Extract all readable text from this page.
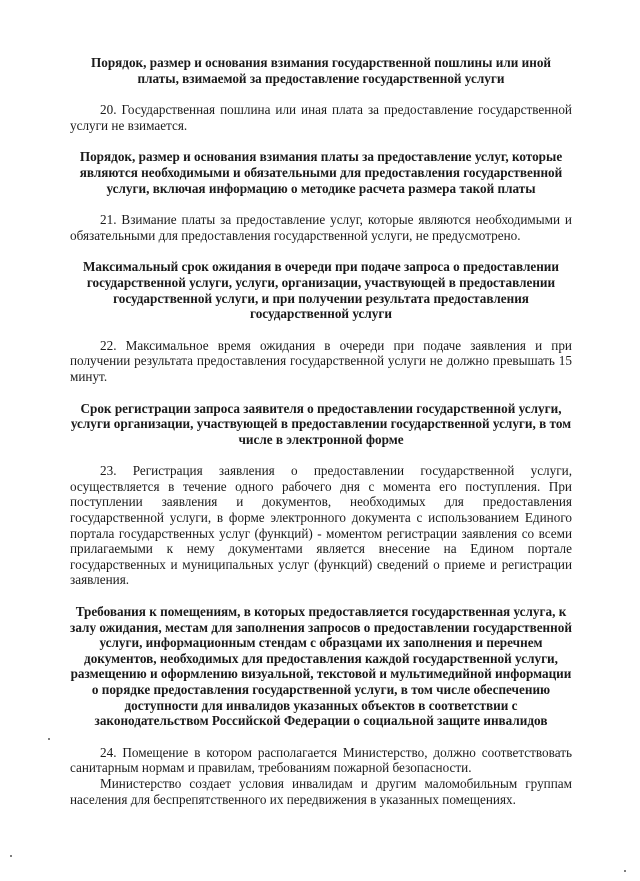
Порядок, размер и основания взимания государственной пошлины или иной платы, взимаемой за предоставление государственной услуги

20. Государственная пошлина или иная плата за предоставление государственной услуги не взимается.

Порядок, размер и основания взимания платы за предоставление услуг, которые являются необходимыми и обязательными для предоставления государственной услуги, включая информацию о методике расчета размера такой платы

21. Взимание платы за предоставление услуг, которые являются необходимыми и обязательными для предоставления государственной услуги, не предусмотрено.

Максимальный срок ожидания в очереди при подаче запроса о предоставлении государственной услуги, услуги, организации, участвующей в предоставлении государственной услуги, и при получении результата предоставления государственной услуги

22. Максимальное время ожидания в очереди при подаче заявления и при получении результата предоставления государственной услуги не должно превышать 15 минут.

Срок регистрации запроса заявителя о предоставлении государственной услуги, услуги организации, участвующей в предоставлении государственной услуги, в том числе в электронной форме

23. Регистрация заявления о предоставлении государственной услуги, осуществляется в течение одного рабочего дня с момента его поступления. При поступлении заявления и документов, необходимых для предоставления государственной услуги, в форме электронного документа с использованием Единого портала государственных услуг (функций) - моментом регистрации заявления со всеми прилагаемыми к нему документами является внесение на Едином портале государственных и муниципальных услуг (функций) сведений о приеме и регистрации заявления.

Требования к помещениям, в которых предоставляется государственная услуга, к залу ожидания, местам для заполнения запросов о предоставлении государственной услуги, информационным стендам с образцами их заполнения и перечнем документов, необходимых для предоставления каждой государственной услуги, размещению и оформлению визуальной, текстовой и мультимедийной информации о порядке предоставления государственной услуги, в том числе обеспечению доступности для инвалидов указанных объектов в соответствии с законодательством Российской Федерации о социальной защите инвалидов

24. Помещение в котором располагается Министерство, должно соответствовать санитарным нормам и правилам, требованиям пожарной безопасности.

Министерство создает условия инвалидам и другим маломобильным группам населения для беспрепятственного их передвижения в указанных помещениях.
